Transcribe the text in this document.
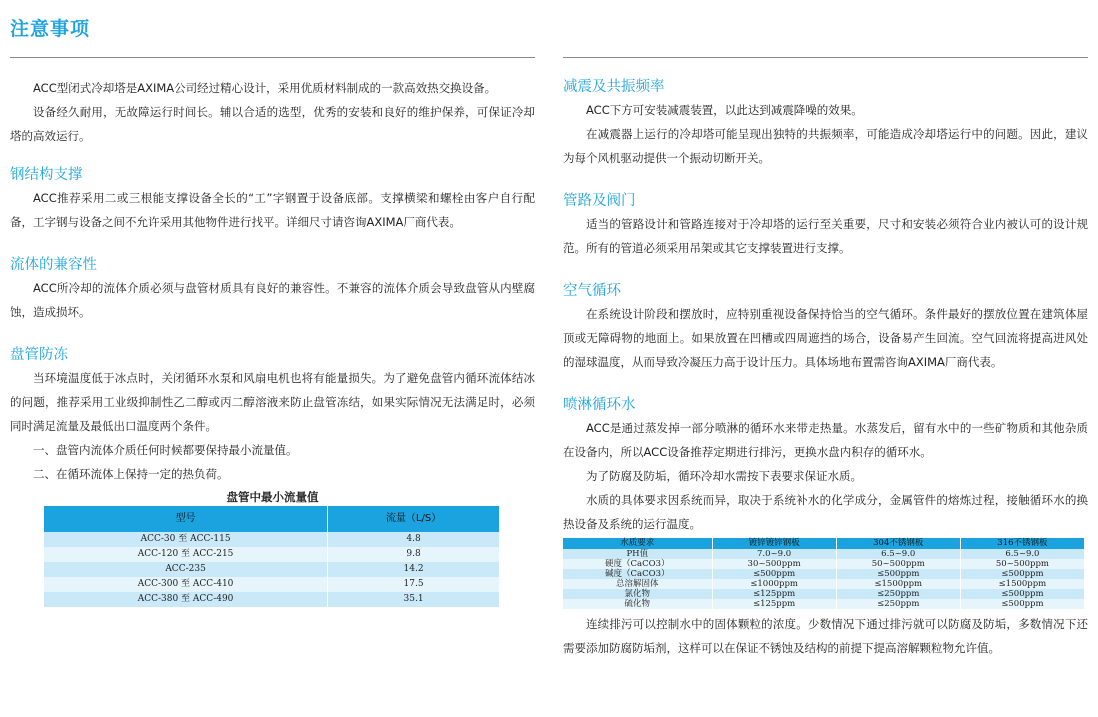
注意事项

ACC型闭式冷却塔是AXIMA公司经过精心设计，采用优质材料制成的一款高效热交换设备。

设备经久耐用，无故障运行时间长。辅以合适的选型，优秀的安装和良好的维护保养，可保证冷却塔的高效运行。

钢结构支撑

ACC推荐采用二或三根能支撑设备全长的“工”字钢置于设备底部。支撑横梁和螺栓由客户自行配备，工字钢与设备之间不允许采用其他物件进行找平。详细尺寸请咨询AXIMA厂商代表。

流体的兼容性

ACC所冷却的流体介质必须与盘管材质具有良好的兼容性。不兼容的流体介质会导致盘管从内壁腐蚀，造成损坏。

盘管防冻

当环境温度低于冰点时，关闭循环水泵和风扇电机也将有能量损失。为了避免盘管内循环流体结冰的问题，推荐采用工业级抑制性乙二醇或丙二醇溶液来防止盘管冻结，如果实际情况无法满足时，必须同时满足流量及最低出口温度两个条件。

一、盘管内流体介质任何时候都要保持最小流量值。

二、在循环流体上保持一定的热负荷。

盘管中最小流量值
型号	流量（L/S）
ACC-30 至 ACC-115	4.8
ACC-120 至 ACC-215	9.8
ACC-235	14.2
ACC-300 至 ACC-410	17.5
ACC-380 至 ACC-490	35.1
减震及共振频率

ACC下方可安装减震装置，以此达到减震降噪的效果。

在减震器上运行的冷却塔可能呈现出独特的共振频率，可能造成冷却塔运行中的问题。因此，建议为每个风机驱动提供一个振动切断开关。

管路及阀门

适当的管路设计和管路连接对于冷却塔的运行至关重要，尺寸和安装必须符合业内被认可的设计规范。所有的管道必须采用吊架或其它支撑装置进行支撑。

空气循环

在系统设计阶段和摆放时，应特别重视设备保持恰当的空气循环。条件最好的摆放位置在建筑体屋顶或无障碍物的地面上。如果放置在凹槽或四周遮挡的场合，设备易产生回流。空气回流将提高进风处的湿球温度，从而导致冷凝压力高于设计压力。具体场地布置需咨询AXIMA厂商代表。

喷淋循环水

ACC是通过蒸发掉一部分喷淋的循环水来带走热量。水蒸发后，留有水中的一些矿物质和其他杂质在设备内，所以ACC设备推荐定期进行排污，更换水盘内积存的循环水。

为了防腐及防垢，循环冷却水需按下表要求保证水质。

水质的具体要求因系统而异，取决于系统补水的化学成分，金属管件的熔炼过程，接触循环水的换热设备及系统的运行温度。

水质要求	镀锌镀锌钢板	304不锈钢板	316不锈钢板
PH值	7.0~9.0	6.5~9.0	6.5~9.0
硬度（CaCO3）	30~500ppm	50~500ppm	50~500ppm
碱度（CaCO3）	≤500ppm	≤500ppm	≤500ppm
总溶解固体	≤1000ppm	≤1500ppm	≤1500ppm
氯化物	≤125ppm	≤250ppm	≤500ppm
硫化物	≤125ppm	≤250ppm	≤500ppm

连续排污可以控制水中的固体颗粒的浓度。少数情况下通过排污就可以防腐及防垢，多数情况下还需要添加防腐防垢剂，这样可以在保证不锈蚀及结构的前提下提高溶解颗粒物允许值。
